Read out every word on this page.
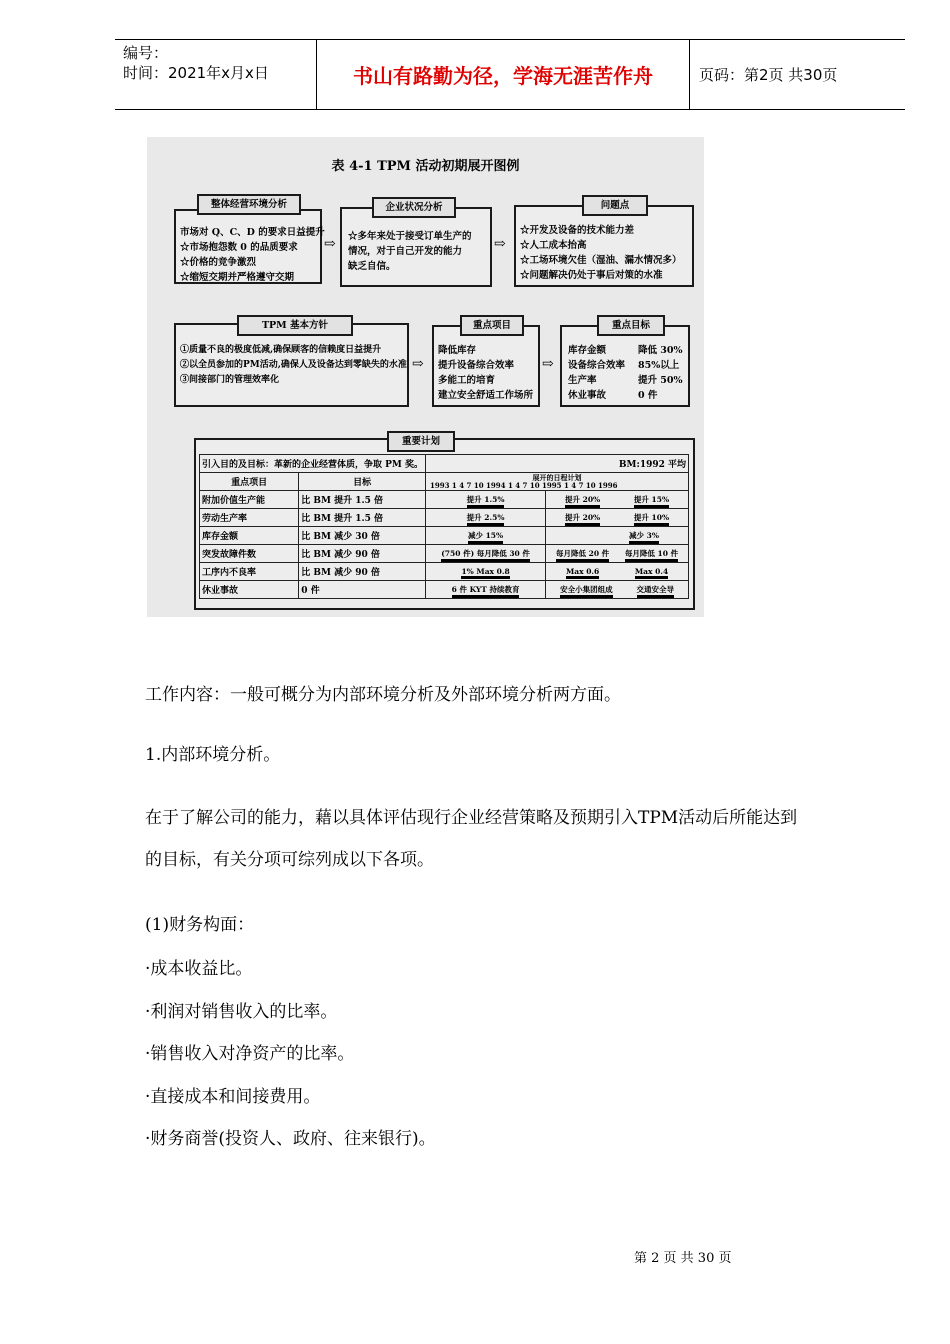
编号：
时间：2021年x月x日	书山有路勤为径，学海无涯苦作舟	页码：第2页 共30页
表 4-1 TPM 活动初期展开图例
市场对 Q、C、D 的要求日益提升
☆市场抱怨数 0 的品质要求
☆价格的竞争激烈
☆缩短交期并严格遵守交期
整体经营环境分析
⇨ ☆多年来处于接受订单生产的
情况，对于自己开发的能力
缺乏自信。
企业状况分析
⇨
☆开发及设备的技术能力差
☆人工成本抬高
☆工场环境欠佳（湿油、漏水情况多）
☆问题解决仍处于事后对策的水准
问题点
①质量不良的极度低减,确保顾客的信赖度日益提升
②以全员参加的PM活动,确保人及设备达到零缺失的水准
③间接部门的管理效率化
TPM 基本方针
⇨
降低库存
提升设备综合效率
多能工的培育
建立安全舒适工作场所
重点项目
⇨
库存金额	降低 30%
设备综合效率 85%以上
生产率	提升 50%
休业事故	0 件
重点目标
引入目的及目标：革新的企业经营体质，争取 PM 奖。			BM:1992 平均
重点项目	目标	展开的日程计划
1993 1 4 7 10 1994 1 4 7 10 1995 1 4 7 10 1996	

附加价值生产能	比 BM 提升 1.5 倍	提升 1.5%	提升 20% 提升 15%

劳动生产率	比 BM 提升 1.5 倍	提升 2.5%	提升 20% 提升 10%

库存金额	比 BM 减少 30 倍	减少 15%	减少 3%

突发故障件数	比 BM 减少 90 倍	(750 件) 每月降低 30 件	每月降低 20 件 每月降低 10 件

工序内不良率	比 BM 减少 90 倍	1% Max 0.8	Max 0.6 Max 0.4

休业事故	0 件	6 件 KYT 持续教育	安全小集团组成 交通安全导
重要计划
工作内容：一般可概分为内部环境分析及外部环境分析两方面。
1.内部环境分析。
在于了解公司的能力，藉以具体评估现行企业经营策略及预期引入TPM活动后所能达到
的目标，有关分项可综列成以下各项。
(1)财务构面：
·成本收益比。
·利润对销售收入的比率。
·销售收入对净资产的比率。
·直接成本和间接费用。
·财务商誉(投资人、政府、往来银行)。
第 2 页 共 30 页
